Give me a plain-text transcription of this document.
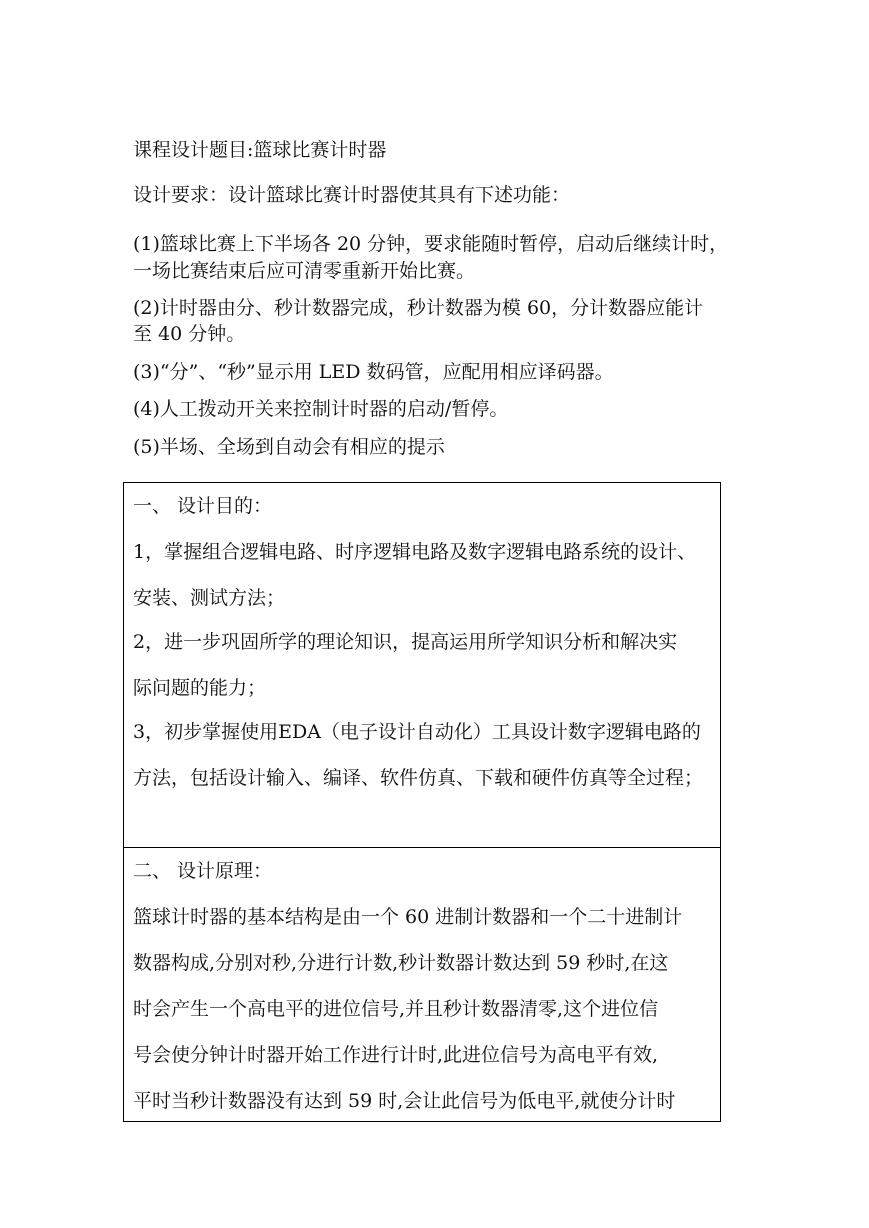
课程设计题目:篮球比赛计时器
设计要求：设计篮球比赛计时器使其具有下述功能：
(1)篮球比赛上下半场各 20 分钟，要求能随时暂停，启动后继续计时，
一场比赛结束后应可清零重新开始比赛。
(2)计时器由分、秒计数器完成，秒计数器为模 60，分计数器应能计
至 40 分钟。
(3)“分”、“秒”显示用 LED 数码管，应配用相应译码器。
(4)人工拨动开关来控制计时器的启动/暂停。
(5)半场、全场到自动会有相应的提示
一、 设计目的：
1，掌握组合逻辑电路、时序逻辑电路及数字逻辑电路系统的设计、
安装、测试方法；
2，进一步巩固所学的理论知识，提高运用所学知识分析和解决实
际问题的能力；
3，初步掌握使用EDA（电子设计自动化）工具设计数字逻辑电路的
方法，包括设计输入、编译、软件仿真、下载和硬件仿真等全过程；
二、 设计原理：
篮球计时器的基本结构是由一个 60 进制计数器和一个二十进制计
数器构成,分别对秒,分进行计数,秒计数器计数达到 59 秒时,在这
时会产生一个高电平的进位信号,并且秒计数器清零,这个进位信
号会使分钟计时器开始工作进行计时,此进位信号为高电平有效,
平时当秒计数器没有达到 59 时,会让此信号为低电平,就使分计时
